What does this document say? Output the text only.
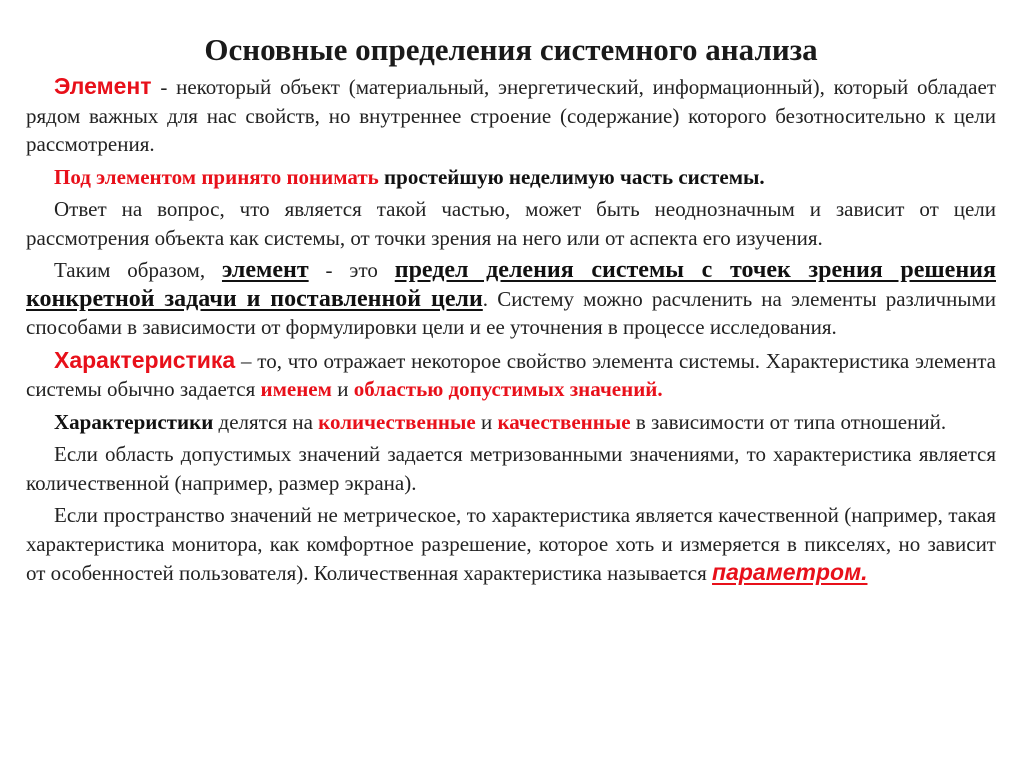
Основные определения системного анализа

Элемент - некоторый объект (материальный, энергетический, информационный), который обладает рядом важных для нас свойств, но внутреннее строение (содержание) которого безотносительно к цели рассмотрения.

Под элементом принято понимать простейшую неделимую часть системы.

Ответ на вопрос, что является такой частью, может быть неоднозначным и зависит от цели рассмотрения объекта как системы, от точки зрения на него или от аспекта его изучения.

Таким образом, элемент - это предел деления системы с точек зрения решения конкретной задачи и поставленной цели. Систему можно расчленить на элементы различными способами в зависимости от формулировки цели и ее уточнения в процессе исследования.

Характеристика – то, что отражает некоторое свойство элемента системы. Характеристика элемента системы обычно задается именем и областью допустимых значений.

Характеристики делятся на количественные и качественные в зависимости от типа отношений.

Если область допустимых значений задается метризованными значениями, то характеристика является количественной (например, размер экрана).

Если пространство значений не метрическое, то характеристика является качественной (например, такая характеристика монитора, как комфортное разрешение, которое хоть и измеряется в пикселях, но зависит от особенностей пользователя). Количественная характеристика называется параметром.
